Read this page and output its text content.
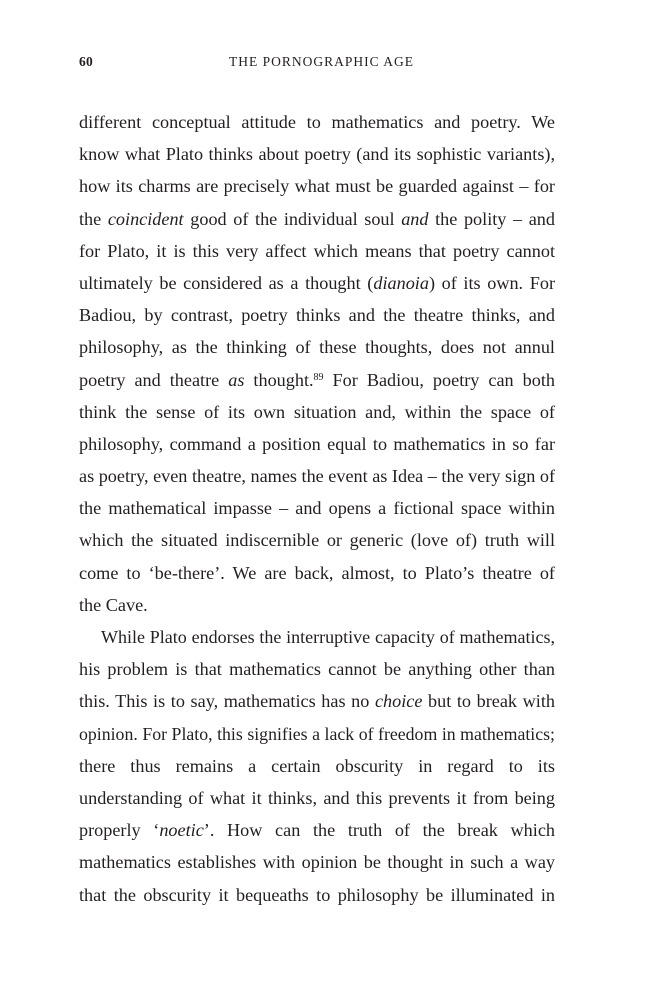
60	THE PORNOGRAPHIC AGE
different conceptual attitude to mathematics and poetry. We
know what Plato thinks about poetry (and its sophistic variants),
how its charms are precisely what must be guarded against – for
the coincident good of the individual soul and the polity – and
for Plato, it is this very affect which means that poetry cannot
ultimately be considered as a thought (dianoia) of its own. For
Badiou, by contrast, poetry thinks and the theatre thinks, and
philosophy, as the thinking of these thoughts, does not annul
poetry and theatre as thought.$^{89}$ For Badiou, poetry can both
think the sense of its own situation and, within the space of
philosophy, command a position equal to mathematics in so far
as poetry, even theatre, names the event as Idea – the very sign of
the mathematical impasse – and opens a fictional space within
which the situated indiscernible or generic (love of) truth will
come to ‘be-there’. We are back, almost, to Plato’s theatre of
the Cave.
While Plato endorses the interruptive capacity of mathematics,
his problem is that mathematics cannot be anything other than
this. This is to say, mathematics has no choice but to break with
opinion. For Plato, this signifies a lack of freedom in mathematics;
there thus remains a certain obscurity in regard to its
understanding of what it thinks, and this prevents it from being
properly ‘noetic’. How can the truth of the break which
mathematics establishes with opinion be thought in such a way
that the obscurity it bequeaths to philosophy be illuminated in
